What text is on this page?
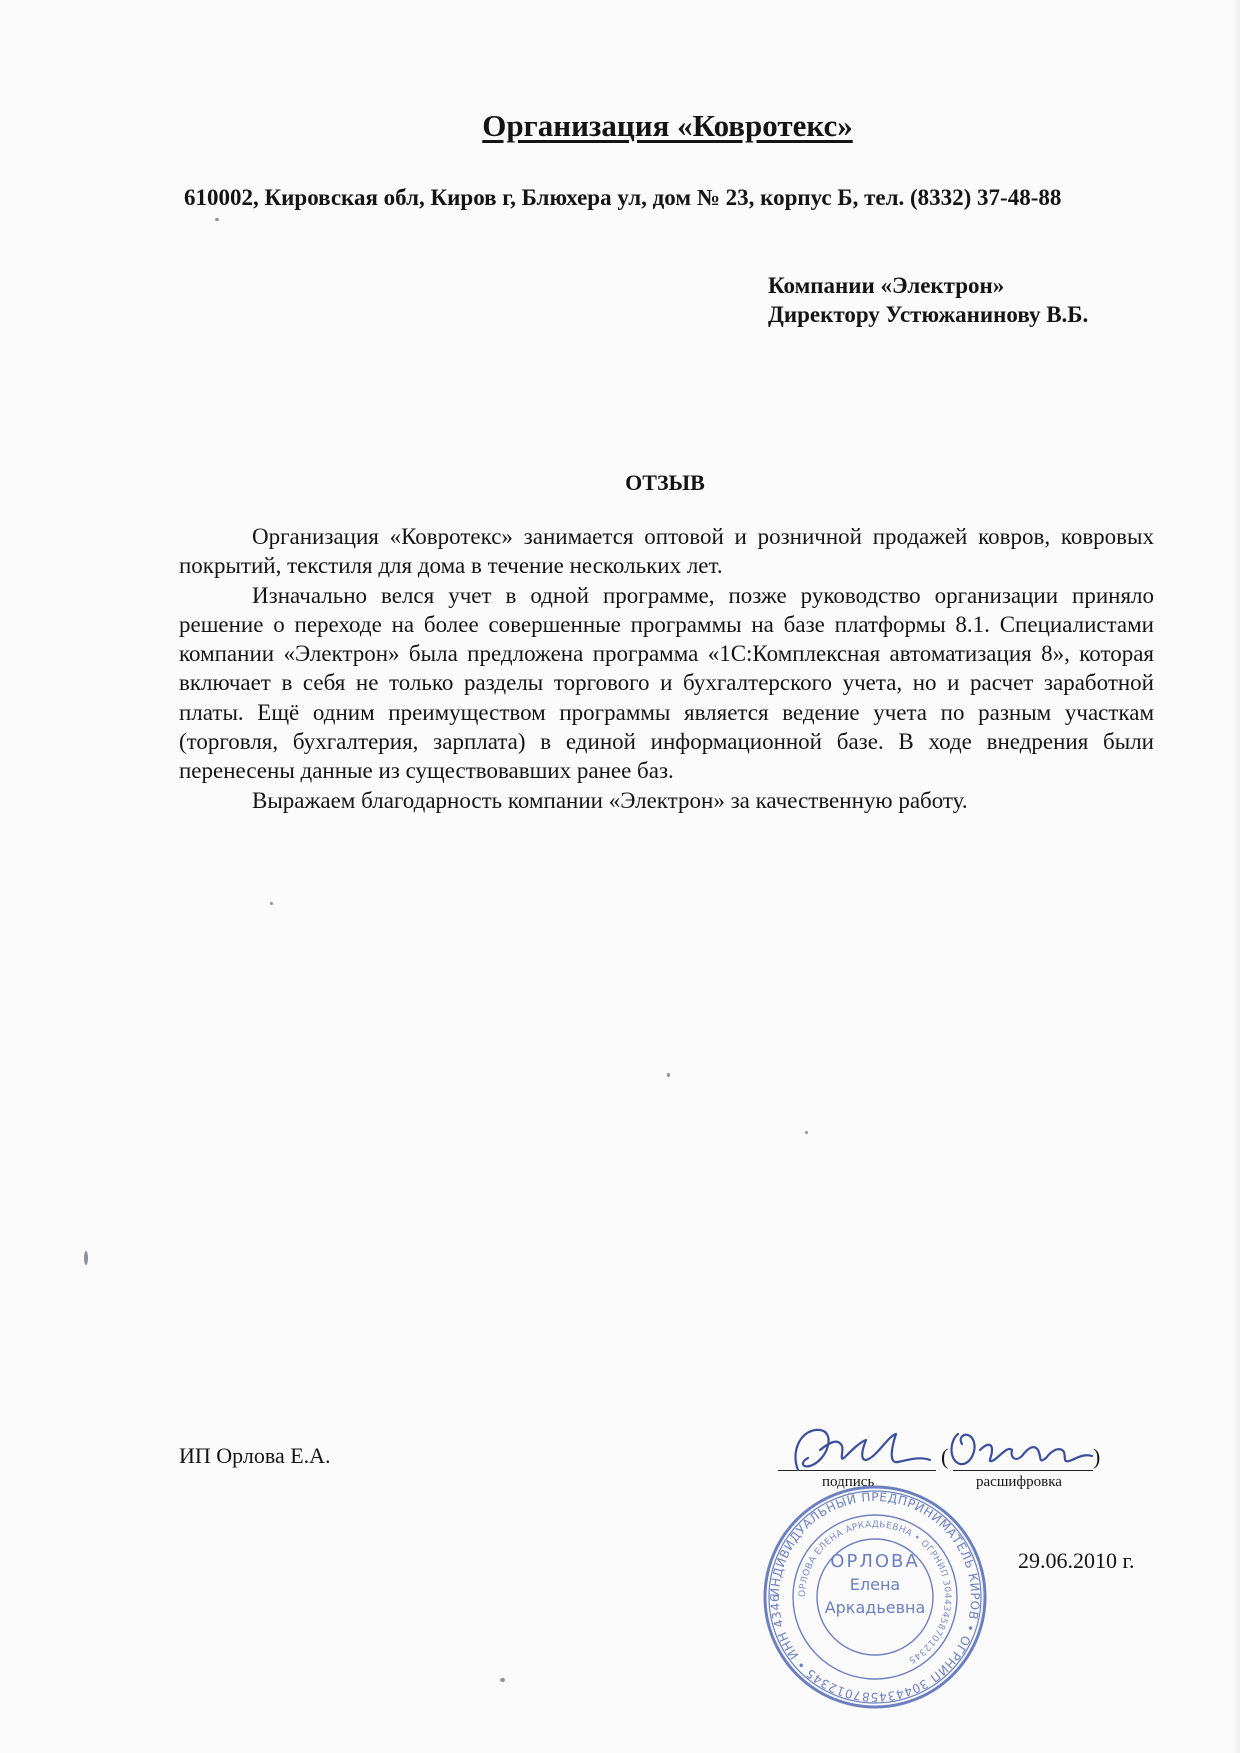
Организация «Ковротекс»
610002, Кировская обл, Киров г, Блюхера ул, дом № 23, корпус Б, тел. (8332) 37-48-88
Компании «Электрон»
Директору Устюжанинову В.Б.
ОТЗЫВ

Организация «Ковротекс» занимается оптовой и розничной продажей ковров, ковровых покрытий, текстиля для дома в течение нескольких лет.

Изначально велся учет в одной программе, позже руководство организации приняло решение о переходе на более совершенные программы на базе платформы 8.1. Специалистами компании «Электрон» была предложена программа «1С:Комплексная автоматизация 8», которая включает в себя не только разделы торгового и бухгалтерского учета, но и расчет заработной платы. Ещё одним преимуществом программы является ведение учета по разным участкам (торговля, бухгалтерия, зарплата) в единой информационной базе. В ходе внедрения были перенесены данные из существовавших ранее баз.

Выражаем благодарность компании «Электрон» за качественную работу.

ИП Орлова Е.А.	(	)
подпись	расшифровка
29.06.2010 г.
ИНДИВИДУАЛЬНЫЙ ПРЕДПРИНИМАТЕЛЬ КИРОВ • ОГРНИП 304434587012345 • ИНН 434600005790
ОРЛОВА ЕЛЕНА АРКАДЬЕВНА • ОГРНИП 304434587012345
ОРЛОВА
Елена
Аркадьевна
